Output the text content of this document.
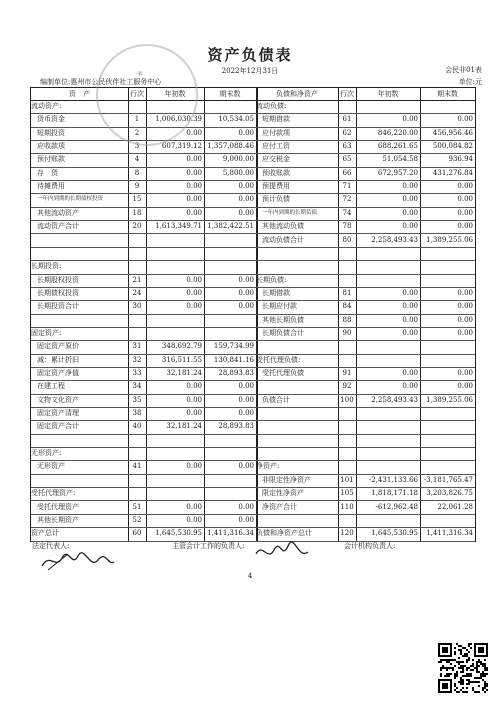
资产负债表
2022年12月31日	会民非01表
编制单位:惠州市公民伙伴社工服务中心	单位:元
资　产	行次	年初数	期末数	负债和净资产	行次	年初数	期末数
流动资产:	流动负债:
货币资金	1	1,006,030.39	10,534.05	短期借款	61	0.00	0.00
短期投资	2	0.00	0.00	应付款项	62	846,220.00	456,956.46
应收款项	3	607,319.12 1,357,088.46	应付工资	63	688,261.65	500,084.82
预付账款	4	0.00	9,000.00	应交税金	65	51,054.58	936.94
存　货	8	0.00	5,800.00	预收账款	66	672,957.20	431,276.84
待摊费用	9	0.00	0.00	预提费用	71	0.00	0.00
一年内到期的长期债权投资	15	0.00	0.00	预计负债	72	0.00	0.00
其他流动资产	18	0.00	0.00	一年内到期的长期负债	74	0.00	0.00
流动资产合计	20	1,613,349.71 1,382,422.51	其他流动负债	78	0.00	0.00
流动负债合计	80	2,258,493.43	1,389,255.06
长期投资:
长期股权投资	21	0.00	0.00 长期负债:
长期债权投资	24	0.00	0.00	长期借款	81	0.00	0.00
长期投资合计	30	0.00	0.00	长期应付款	84	0.00	0.00
其他长期负债	88	0.00	0.00
固定资产:	长期负债合计	90	0.00	0.00
固定资产原价	31	348,692.79	159,734.99
减：累计折旧	32	316,511.55	130,841.16 受托代理负债:
固定资产净值	33	32,181.24	28,893.83	受托代理负债	91	0.00	0.00
在建工程	34	0.00	0.00	92	0.00	0.00
文物文化资产	35	0.00	0.00	负债合计	100	2,258,493.43	1,389,255.06
固定资产清理	38	0.00	0.00
固定资产合计	40	32,181.24	28,893.83
无形资产:
无形资产	41	0.00	0.00 净资产:
非限定性净资产	101	-2,431,133.66 -3,181,765.47
受托代理资产:	限定性净资产	105	1,818,171.18	3,203,826.75
受托代理资产	51	0.00	0.00	净资产合计	110	-612,962.48	22,061.28
其他长期资产	52	0.00	0.00
资产总计	60	1,645,530.95 1,411,316.34 负债和净资产总计	120	1,645,530.95	1,411,316.34
★
法定代表人:	主管会计工作的负责人:	会计机构负责人:
4
